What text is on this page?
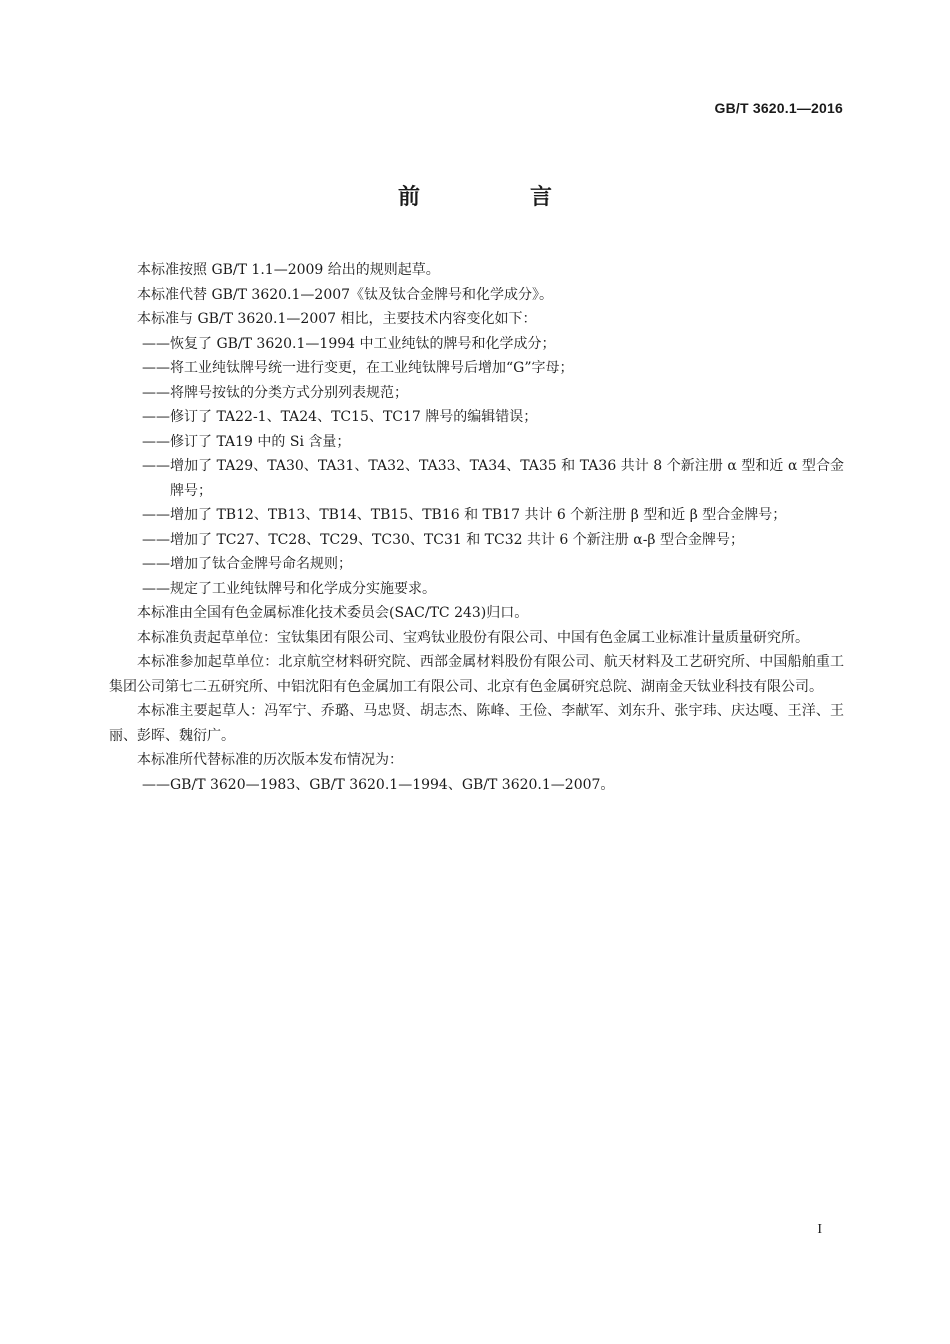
GB/T 3620.1—2016
前　言

本标准按照 GB/T 1.1—2009 给出的规则起草。

本标准代替 GB/T 3620.1—2007《钛及钛合金牌号和化学成分》。

本标准与 GB/T 3620.1—2007 相比，主要技术内容变化如下：

——恢复了 GB/T 3620.1—1994 中工业纯钛的牌号和化学成分；

——将工业纯钛牌号统一进行变更，在工业纯钛牌号后增加“G”字母；

——将牌号按钛的分类方式分别列表规范；

——修订了 TA22-1、TA24、TC15、TC17 牌号的编辑错误；

——修订了 TA19 中的 Si 含量；

——增加了 TA29、TA30、TA31、TA32、TA33、TA34、TA35 和 TA36 共计 8 个新注册 α 型和近 α 型合金牌号；

——增加了 TB12、TB13、TB14、TB15、TB16 和 TB17 共计 6 个新注册 β 型和近 β 型合金牌号；

——增加了 TC27、TC28、TC29、TC30、TC31 和 TC32 共计 6 个新注册 α-β 型合金牌号；

——增加了钛合金牌号命名规则；

——规定了工业纯钛牌号和化学成分实施要求。

本标准由全国有色金属标准化技术委员会(SAC/TC 243)归口。

本标准负责起草单位：宝钛集团有限公司、宝鸡钛业股份有限公司、中国有色金属工业标准计量质量研究所。

本标准参加起草单位：北京航空材料研究院、西部金属材料股份有限公司、航天材料及工艺研究所、中国船舶重工集团公司第七二五研究所、中铝沈阳有色金属加工有限公司、北京有色金属研究总院、湖南金天钛业科技有限公司。

本标准主要起草人：冯军宁、乔璐、马忠贤、胡志杰、陈峰、王俭、李献军、刘东升、张宇玮、庆达嘎、王洋、王丽、彭晖、魏衍广。

本标准所代替标准的历次版本发布情况为：

——GB/T 3620—1983、GB/T 3620.1—1994、GB/T 3620.1—2007。

I
